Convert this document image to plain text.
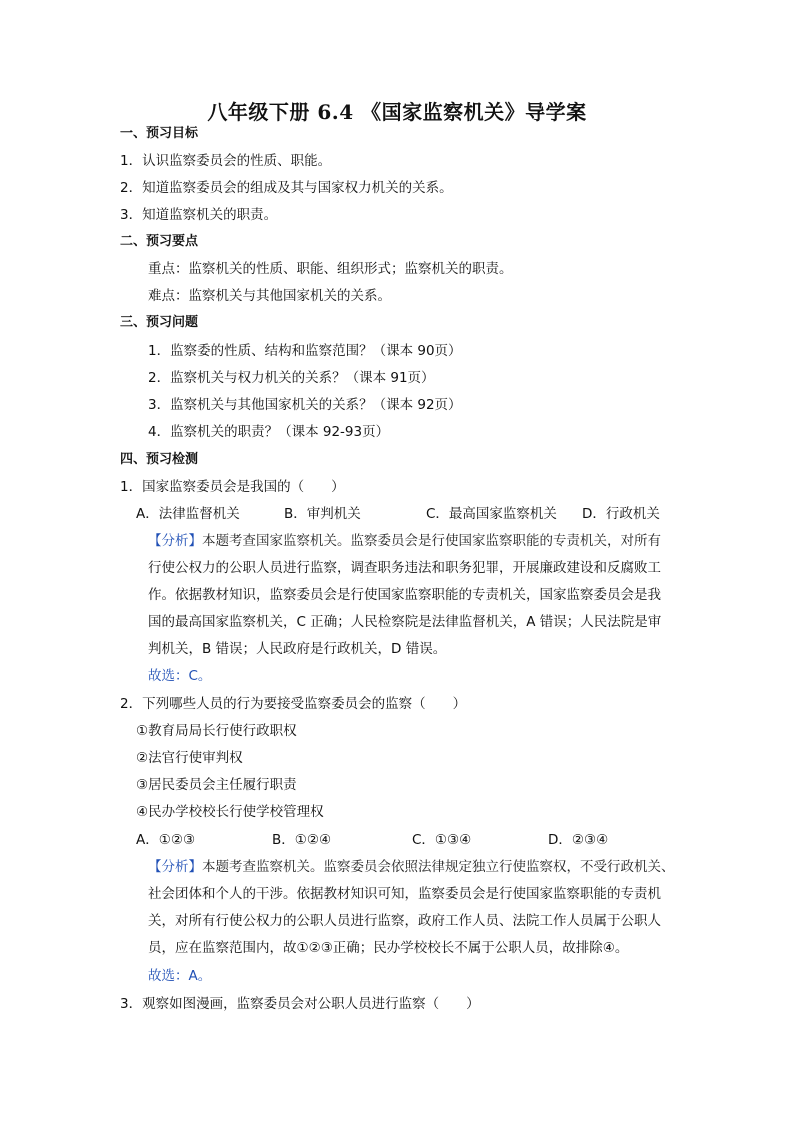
八年级下册 6.4 《国家监察机关》导学案
一、预习目标
1．认识监察委员会的性质、职能。
2．知道监察委员会的组成及其与国家权力机关的关系。
3．知道监察机关的职责。
二、预习要点
重点：监察机关的性质、职能、组织形式；监察机关的职责。
难点：监察机关与其他国家机关的关系。
三、预习问题
1．监察委的性质、结构和监察范围？（课本 90页）
2．监察机关与权力机关的关系？（课本 91页）
3．监察机关与其他国家机关的关系？（课本 92页）
4．监察机关的职责？（课本 92-93页）
四、预习检测
1．国家监察委员会是我国的（　　）
A．法律监督机关	B．审判机关	C．最高国家监察机关 D．行政机关
【分析】本题考查国家监察机关。监察委员会是行使国家监察职能的专责机关，对所有
行使公权力的公职人员进行监察，调查职务违法和职务犯罪，开展廉政建设和反腐败工
作。依据教材知识，监察委员会是行使国家监察职能的专责机关，国家监察委员会是我
国的最高国家监察机关，C 正确；人民检察院是法律监督机关，A 错误；人民法院是审
判机关，B 错误；人民政府是行政机关，D 错误。
故选：C。
2．下列哪些人员的行为要接受监察委员会的监察（　　）
①教育局局长行使行政职权
②法官行使审判权
③居民委员会主任履行职责
④民办学校校长行使学校管理权
A．①②③	B．①②④	C．①③④	D．②③④
【分析】本题考查监察机关。监察委员会依照法律规定独立行使监察权，不受行政机关、
社会团体和个人的干涉。依据教材知识可知，监察委员会是行使国家监察职能的专责机
关，对所有行使公权力的公职人员进行监察，政府工作人员、法院工作人员属于公职人
员，应在监察范围内，故①②③正确；民办学校校长不属于公职人员，故排除④。
故选：A。
3．观察如图漫画，监察委员会对公职人员进行监察（　　）
